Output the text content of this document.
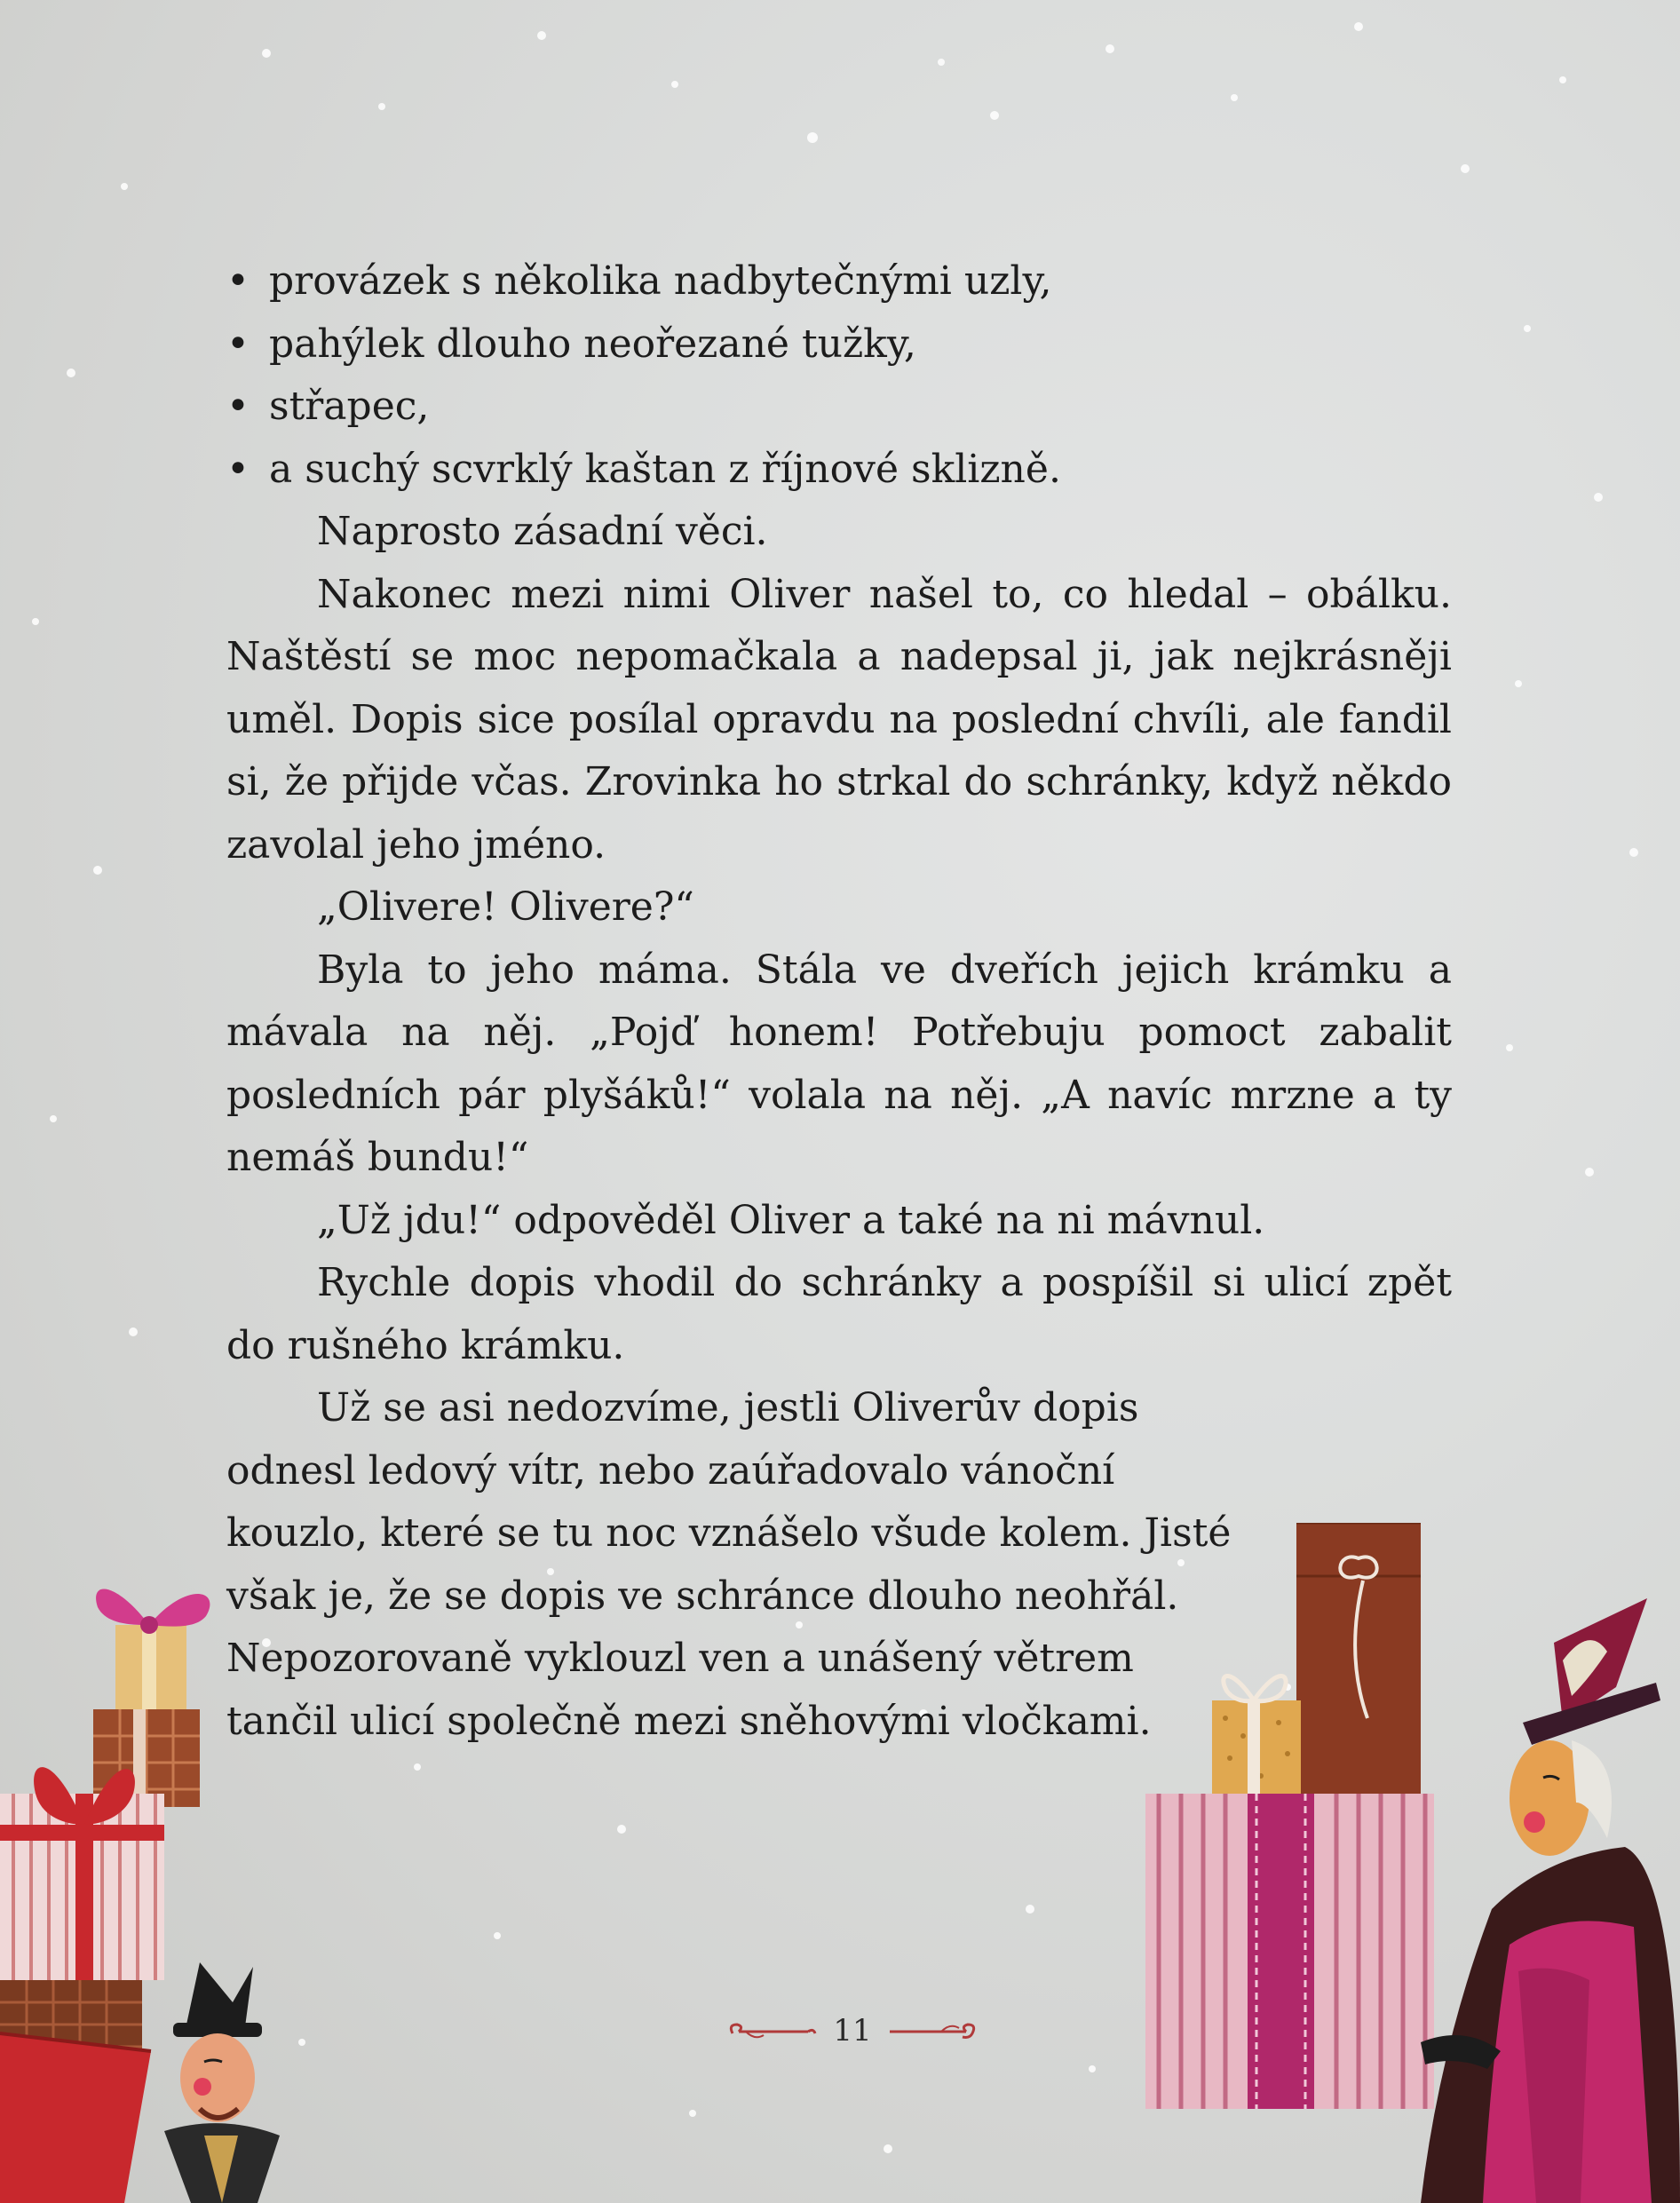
• provázek s několika nadbytečnými uzly,
• pahýlek dlouho neořezané tužky,
• střapec,
• a suchý scvrklý kaštan z říjnové sklizně.

Naprosto zásadní věci.

Nakonec mezi nimi Oliver našel to, co hledal – obálku. Naštěstí se moc nepomačkala a nadepsal ji, jak nejkrásněji uměl. Dopis sice posílal opravdu na poslední chvíli, ale fandil si, že přijde včas. Zrovinka ho strkal do schránky, když někdo zavolal jeho jméno.

„Olivere! Olivere?“

Byla to jeho máma. Stála ve dveřích jejich krámku a mávala na něj. „Pojď honem! Potřebuju pomoct zabalit posledních pár plyšáků!“ volala na něj. „A navíc mrzne a ty nemáš bundu!“

„Už jdu!“ odpověděl Oliver a také na ni mávnul.

Rychle dopis vhodil do schránky a pospíšil si ulicí zpět do rušného krámku.

Už se asi nedozvíme, jestli Oliverův dopis odnesl ledový vítr, nebo zaúřadovalo vánoční kouzlo, které se tu noc vznášelo všude kolem. Jisté však je, že se dopis ve schránce dlouho neohřál. Nepozorovaně vyklouzl ven a unášený větrem tančil ulicí společně mezi sněhovými vločkami.

11
